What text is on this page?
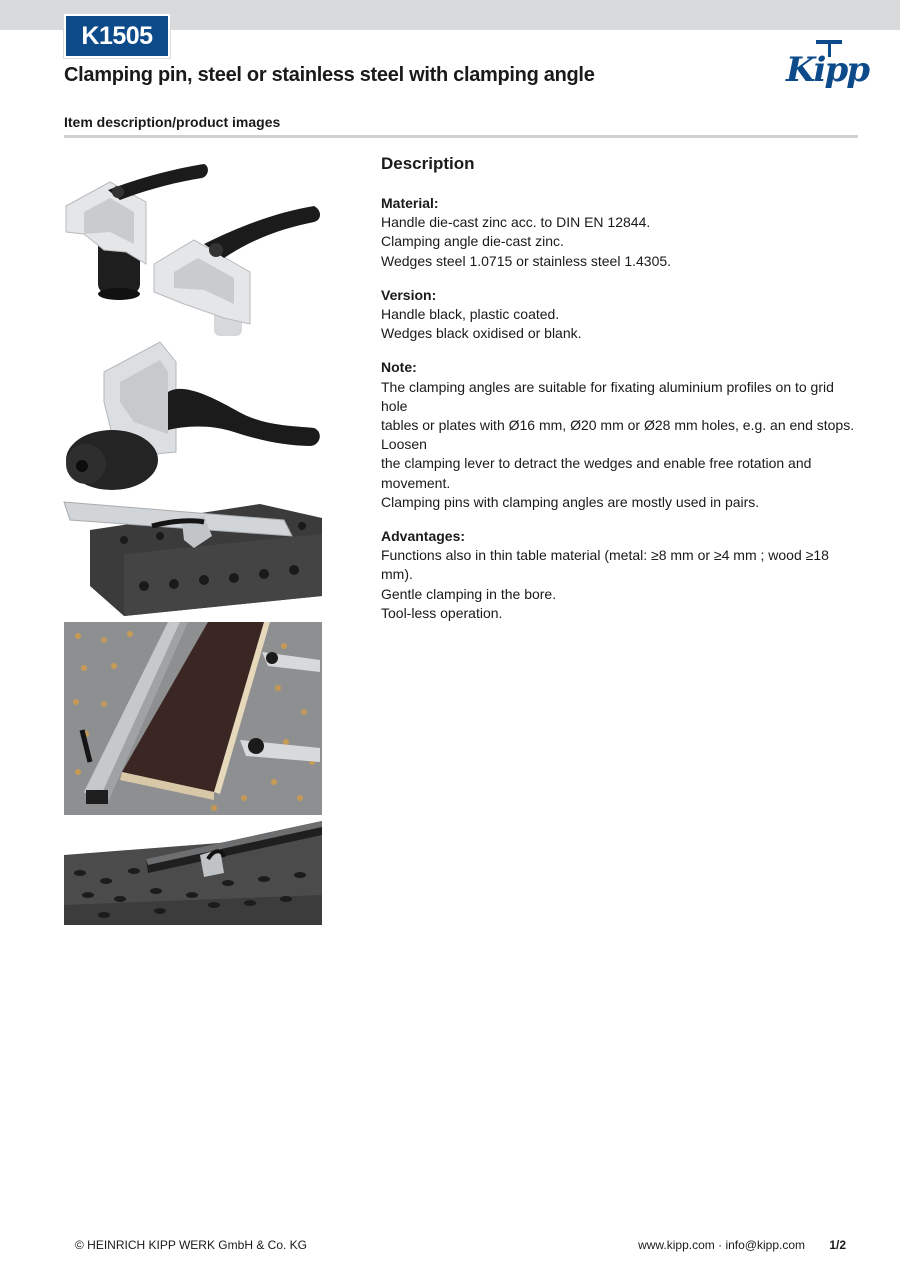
K1505
Clamping pin, steel or stainless steel with clamping angle	Kipp
Item description/product images
Description
Material:
Handle die-cast zinc acc. to DIN EN 12844.
Clamping angle die-cast zinc.
Wedges steel 1.0715 or stainless steel 1.4305.
Version:
Handle black, plastic coated.
Wedges black oxidised or blank.
Note:
The clamping angles are suitable for fixating aluminium profiles on to grid hole
tables or plates with Ø16 mm, Ø20 mm or Ø28 mm holes, e.g. an end stops. Loosen
the clamping lever to detract the wedges and enable free rotation and movement.
Clamping pins with clamping angles are mostly used in pairs.
Advantages:
Functions also in thin table material (metal: ≥8 mm or ≥4 mm ; wood ≥18 mm).
Gentle clamping in the bore.
Tool-less operation.
© HEINRICH KIPP WERK GmbH & Co. KG	www.kipp.com · info@kipp.com 1/2
